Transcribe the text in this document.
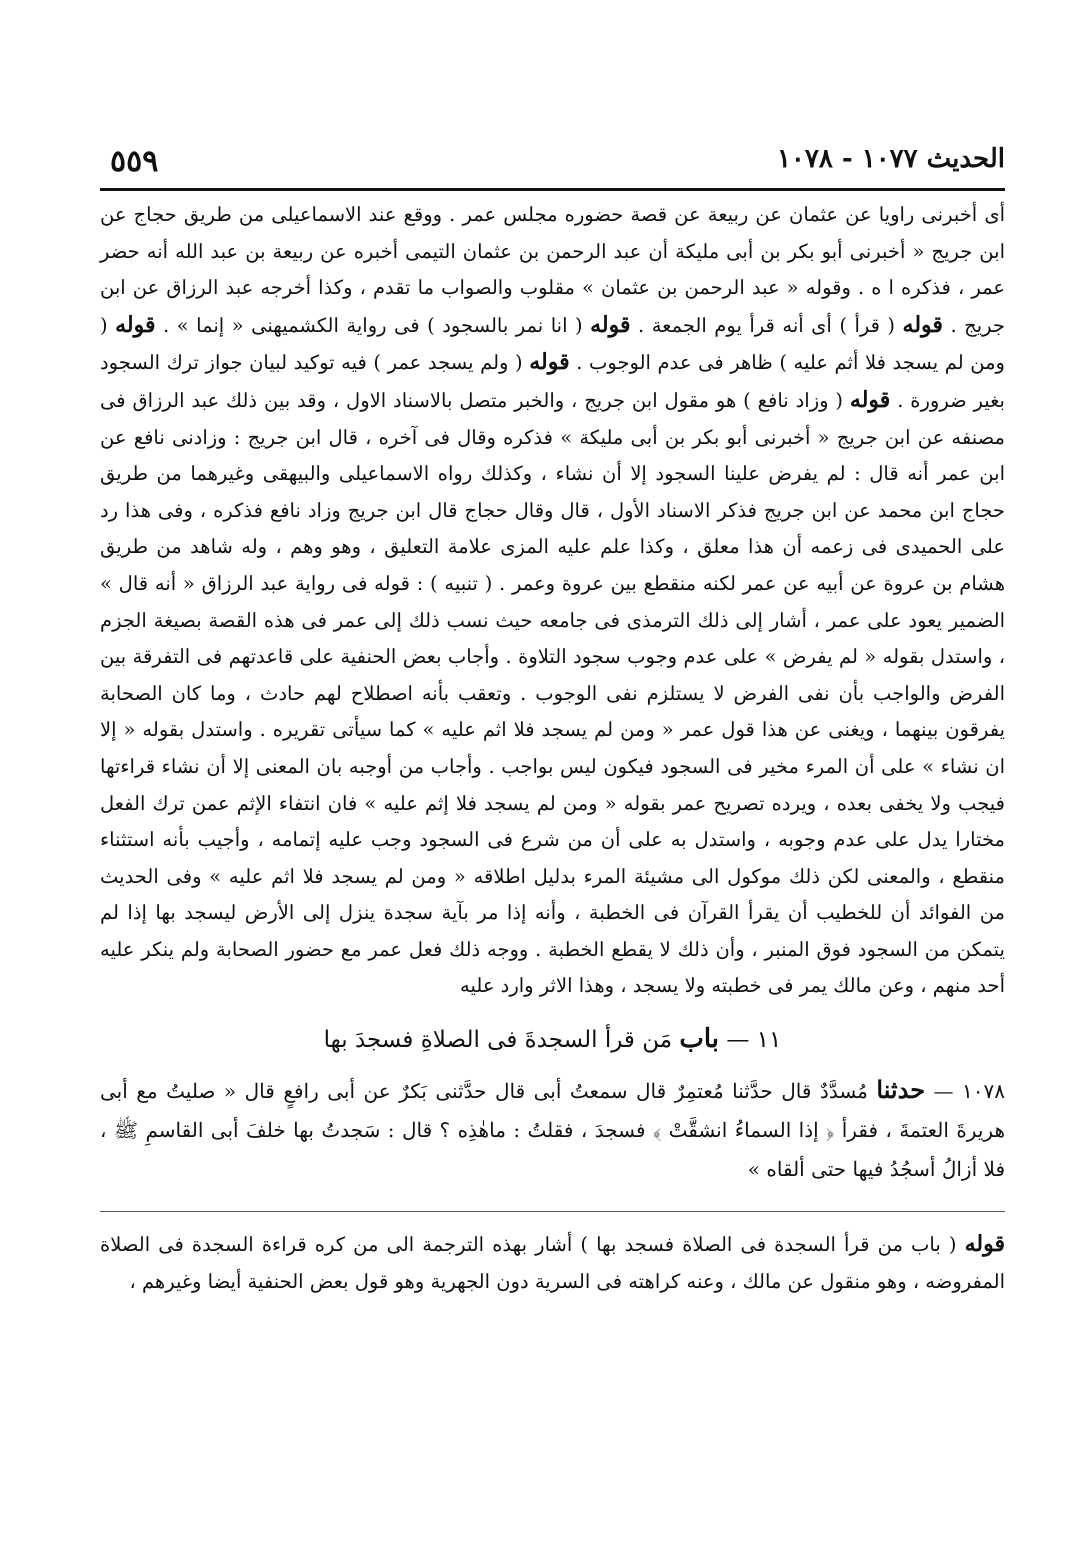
الحديث ١٠٧٧ - ١٠٧٨
٥٥٩

أى أخبرنى راويا عن عثمان عن ربيعة عن قصة حضوره مجلس عمر . ووقع عند الاسماعيلى من طريق حجاج عن ابن جريج « أخبرنى أبو بكر بن أبى مليكة أن عبد الرحمن بن عثمان التيمى أخبره عن ربيعة بن عبد الله أنه حضر عمر ، فذكره ا ه . وقوله « عبد الرحمن بن عثمان » مقلوب والصواب ما تقدم ، وكذا أخرجه عبد الرزاق عن ابن جريج . قوله ( قرأ ) أى أنه قرأ يوم الجمعة . قوله ( انا نمر بالسجود ) فى رواية الكشميهنى « إنما » . قوله ( ومن لم يسجد فلا أثم عليه ) ظاهر فى عدم الوجوب . قوله ( ولم يسجد عمر ) فيه توكيد لبيان جواز ترك السجود بغير ضرورة . قوله ( وزاد نافع ) هو مقول ابن جريج ، والخبر متصل بالاسناد الاول ، وقد بين ذلك عبد الرزاق فى مصنفه عن ابن جريج « أخبرنى أبو بكر بن أبى مليكة » فذكره وقال فى آخره ، قال ابن جريج : وزادنى نافع عن ابن عمر أنه قال : لم يفرض علينا السجود إلا أن نشاء ، وكذلك رواه الاسماعيلى والبيهقى وغيرهما من طريق حجاج ابن محمد عن ابن جريج فذكر الاسناد الأول ، قال وقال حجاج قال ابن جريج وزاد نافع فذكره ، وفى هذا رد على الحميدى فى زعمه أن هذا معلق ، وكذا علم عليه المزى علامة التعليق ، وهو وهم ، وله شاهد من طريق هشام بن عروة عن أبيه عن عمر لكنه منقطع بين عروة وعمر . ( تنبيه ) : قوله فى رواية عبد الرزاق « أنه قال » الضمير يعود على عمر ، أشار إلى ذلك الترمذى فى جامعه حيث نسب ذلك إلى عمر فى هذه القصة بصيغة الجزم ، واستدل بقوله « لم يفرض » على عدم وجوب سجود التلاوة . وأجاب بعض الحنفية على قاعدتهم فى التفرقة بين الفرض والواجب بأن نفى الفرض لا يستلزم نفى الوجوب . وتعقب بأنه اصطلاح لهم حادث ، وما كان الصحابة يفرقون بينهما ، ويغنى عن هذا قول عمر « ومن لم يسجد فلا اثم عليه » كما سيأتى تقريره . واستدل بقوله « إلا ان نشاء » على أن المرء مخير فى السجود فيكون ليس بواجب . وأجاب من أوجبه بان المعنى إلا أن نشاء قراءتها فيجب ولا يخفى بعده ، ويرده تصريح عمر بقوله « ومن لم يسجد فلا إثم عليه » فان انتفاء الإثم عمن ترك الفعل مختارا يدل على عدم وجوبه ، واستدل به على أن من شرع فى السجود وجب عليه إتمامه ، وأجيب بأنه استثناء منقطع ، والمعنى لكن ذلك موكول الى مشيئة المرء بدليل اطلاقه « ومن لم يسجد فلا اثم عليه » وفى الحديث من الفوائد أن للخطيب أن يقرأ القرآن فى الخطبة ، وأنه إذا مر بآية سجدة ينزل إلى الأرض ليسجد بها إذا لم يتمكن من السجود فوق المنبر ، وأن ذلك لا يقطع الخطبة . ووجه ذلك فعل عمر مع حضور الصحابة ولم ينكر عليه أحد منهم ، وعن مالك يمر فى خطبته ولا يسجد ، وهذا الاثر وارد عليه

١١ — باب مَن قرأ السجدةَ فى الصلاةِ فسجدَ بها

١٠٧٨ — حدثنا مُسدَّدٌ قال حدَّثنا مُعتمِرٌ قال سمعتُ أبى قال حدَّثنى بَكرٌ عن أبى رافعٍ قال « صليتُ مع أبى هريرةَ العتمةَ ، فقرأ ﴿ إذا السماءُ انشقَّتْ ﴾ فسجدَ ، فقلتُ : ماهٰذِه ؟ قال : سَجدتُ بها خلفَ أبى القاسمِ ﷺ ، فلا أزالُ أسجُدُ فيها حتى ألقاه »

قوله ( باب من قرأ السجدة فى الصلاة فسجد بها ) أشار بهذه الترجمة الى من كره قراءة السجدة فى الصلاة المفروضه ، وهو منقول عن مالك ، وعنه كراهته فى السرية دون الجهرية وهو قول بعض الحنفية أيضا وغيرهم ،
